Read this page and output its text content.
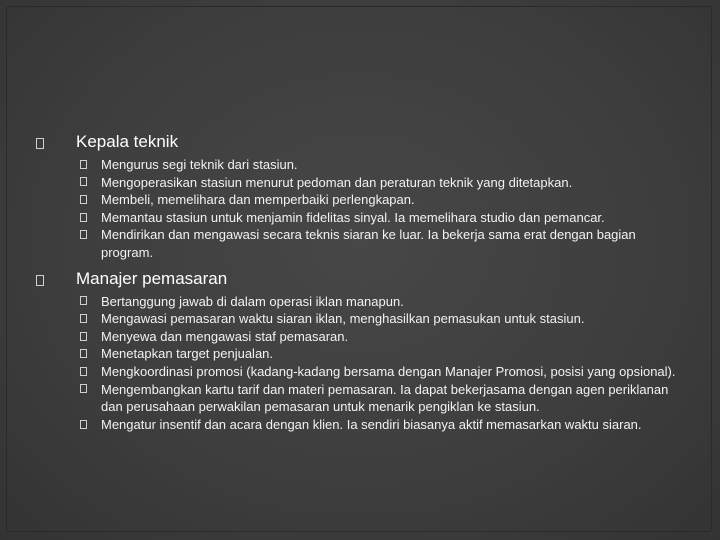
Kepala teknik
Mengurus segi teknik dari stasiun.
Mengoperasikan stasiun menurut pedoman dan peraturan teknik yang ditetapkan.
Membeli, memelihara dan memperbaiki perlengkapan.
Memantau stasiun untuk menjamin fidelitas sinyal. Ia memelihara studio dan pemancar.
Mendirikan dan mengawasi secara teknis siaran ke luar. Ia bekerja sama erat dengan bagian program.
Manajer pemasaran
Bertanggung jawab di dalam operasi iklan manapun.
Mengawasi pemasaran waktu siaran iklan, menghasilkan pemasukan untuk stasiun.
Menyewa dan mengawasi staf pemasaran.
Menetapkan target penjualan.
Mengkoordinasi promosi (kadang-kadang bersama dengan Manajer Promosi, posisi yang opsional).
Mengembangkan kartu tarif dan materi pemasaran. Ia dapat bekerjasama dengan agen periklanan dan perusahaan perwakilan pemasaran untuk menarik pengiklan ke stasiun.
Mengatur insentif dan acara dengan klien. Ia sendiri biasanya aktif memasarkan waktu siaran.
